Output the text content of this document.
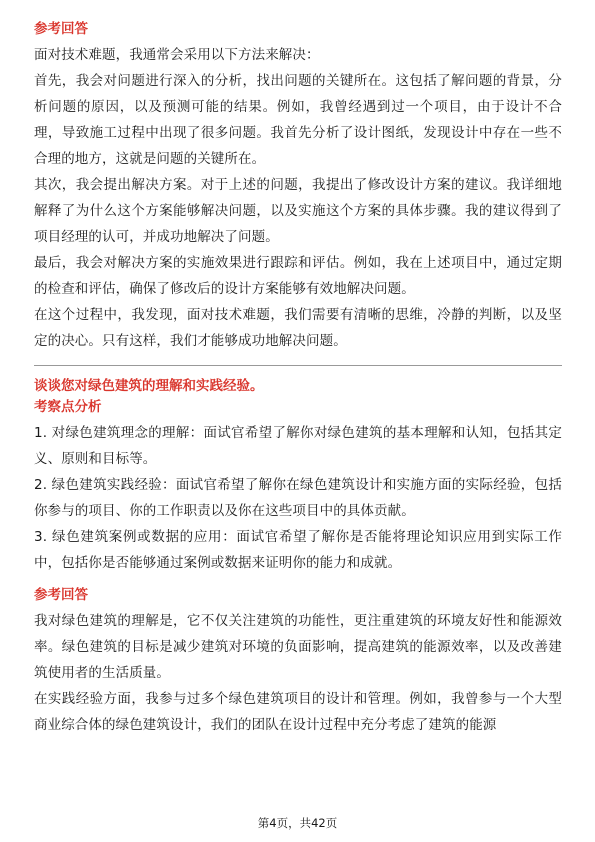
参考回答

面对技术难题，我通常会采用以下方法来解决：

首先，我会对问题进行深入的分析，找出问题的关键所在。这包括了解问题的背景，分析问题的原因，以及预测可能的结果。例如，我曾经遇到过一个项目，由于设计不合理，导致施工过程中出现了很多问题。我首先分析了设计图纸，发现设计中存在一些不合理的地方，这就是问题的关键所在。

其次，我会提出解决方案。对于上述的问题，我提出了修改设计方案的建议。我详细地解释了为什么这个方案能够解决问题，以及实施这个方案的具体步骤。我的建议得到了项目经理的认可，并成功地解决了问题。

最后，我会对解决方案的实施效果进行跟踪和评估。例如，我在上述项目中，通过定期的检查和评估，确保了修改后的设计方案能够有效地解决问题。

在这个过程中，我发现，面对技术难题，我们需要有清晰的思维，冷静的判断，以及坚定的决心。只有这样，我们才能够成功地解决问题。

谈谈您对绿色建筑的理解和实践经验。
考察点分析

1. 对绿色建筑理念的理解：面试官希望了解你对绿色建筑的基本理解和认知，包括其定义、原则和目标等。

2. 绿色建筑实践经验：面试官希望了解你在绿色建筑设计和实施方面的实际经验，包括你参与的项目、你的工作职责以及你在这些项目中的具体贡献。

3. 绿色建筑案例或数据的应用：面试官希望了解你是否能将理论知识应用到实际工作中，包括你是否能够通过案例或数据来证明你的能力和成就。

参考回答

我对绿色建筑的理解是，它不仅关注建筑的功能性，更注重建筑的环境友好性和能源效率。绿色建筑的目标是减少建筑对环境的负面影响，提高建筑的能源效率，以及改善建筑使用者的生活质量。

在实践经验方面，我参与过多个绿色建筑项目的设计和管理。例如，我曾参与一个大型商业综合体的绿色建筑设计，我们的团队在设计过程中充分考虑了建筑的能源

第4页，共42页
